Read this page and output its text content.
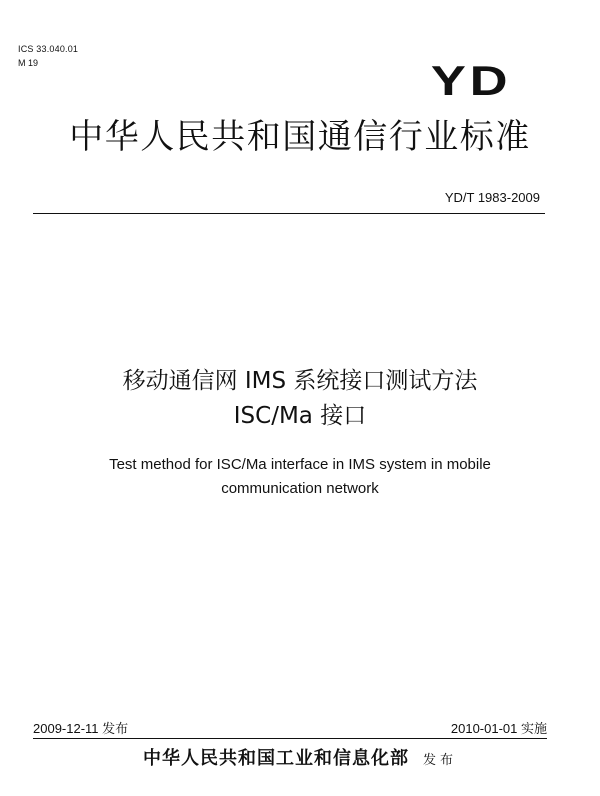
ICS 33.040.01
M 19	YD
中华人民共和国通信行业标准
YD/T 1983-2009
移动通信网 IMS 系统接口测试方法
ISC/Ma 接口
Test method for ISC/Ma interface in IMS system in mobile
communication network
2009-12-11 发布	2010-01-01 实施
中华人民共和国工业和信息化部 发布
